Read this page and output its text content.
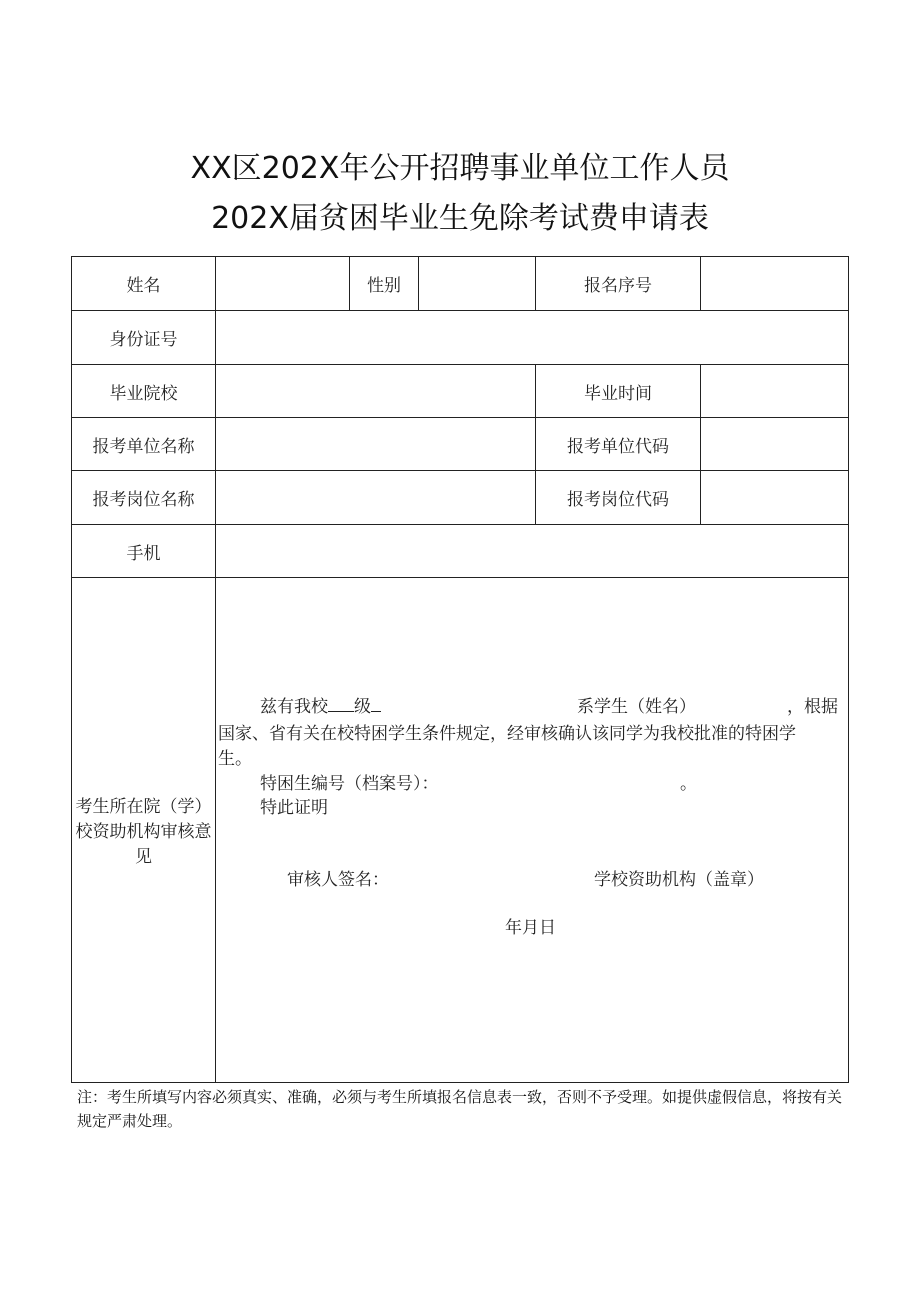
XX区202X年公开招聘事业单位工作人员
202X届贫困毕业生免除考试费申请表
姓名	性别	报名序号
身份证号
毕业院校	毕业时间
报考单位名称	报考单位代码
报考岗位名称	报考岗位代码
手机
考生所在院（学）校资助机构审核意见
兹有我校 级	系学生（姓名）	，根据
国家、省有关在校特困学生条件规定，经审核确认该同学为我校批准的特困学
生。
特困生编号（档案号）：	。
特此证明
审核人签名：	学校资助机构（盖章）
年月日
注：考生所填写内容必须真实、准确，必须与考生所填报名信息表一致，否则不予受理。如提供虚假信息，将按有关规定严肃处理。
